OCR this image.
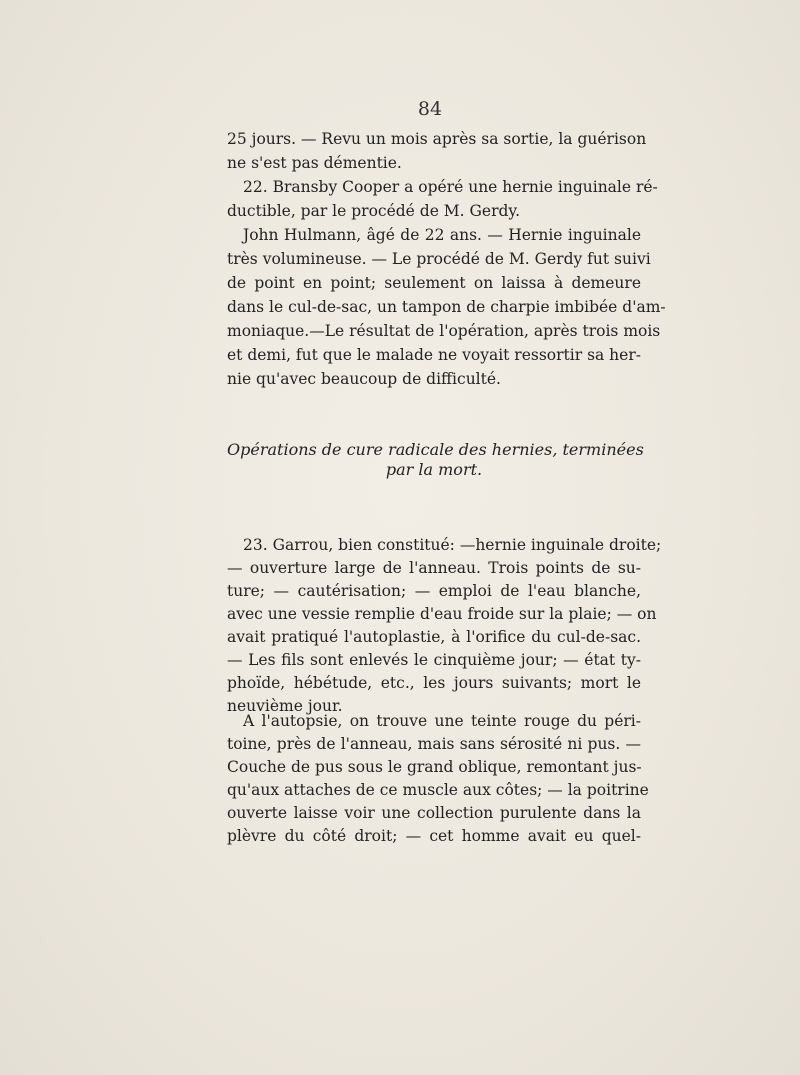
84
25 jours. — Revu un mois après sa sortie, la guérison
ne s'est pas démentie.
22. Bransby Cooper a opéré une hernie inguinale ré-
ductible, par le procédé de M. Gerdy.
John Hulmann, âgé de 22 ans. — Hernie inguinale
très volumineuse. — Le procédé de M. Gerdy fut suivi
de point en point; seulement on laissa à demeure
dans le cul-de-sac, un tampon de charpie imbibée d'am-
moniaque.—Le résultat de l'opération, après trois mois
et demi, fut que le malade ne voyait ressortir sa her-
nie qu'avec beaucoup de difficulté.
Opérations de cure radicale des hernies, terminées
par la mort.
23. Garrou, bien constitué: —hernie inguinale droite;
— ouverture large de l'anneau. Trois points de su-
ture; — cautérisation; — emploi de l'eau blanche,
avec une vessie remplie d'eau froide sur la plaie; — on
avait pratiqué l'autoplastie, à l'orifice du cul-de-sac.
— Les fils sont enlevés le cinquième jour; — état ty-
phoïde, hébétude, etc., les jours suivants; mort le
neuvième jour.
A l'autopsie, on trouve une teinte rouge du péri-
toine, près de l'anneau, mais sans sérosité ni pus. —
Couche de pus sous le grand oblique, remontant jus-
qu'aux attaches de ce muscle aux côtes; — la poitrine
ouverte laisse voir une collection purulente dans la
plèvre du côté droit; — cet homme avait eu quel-
